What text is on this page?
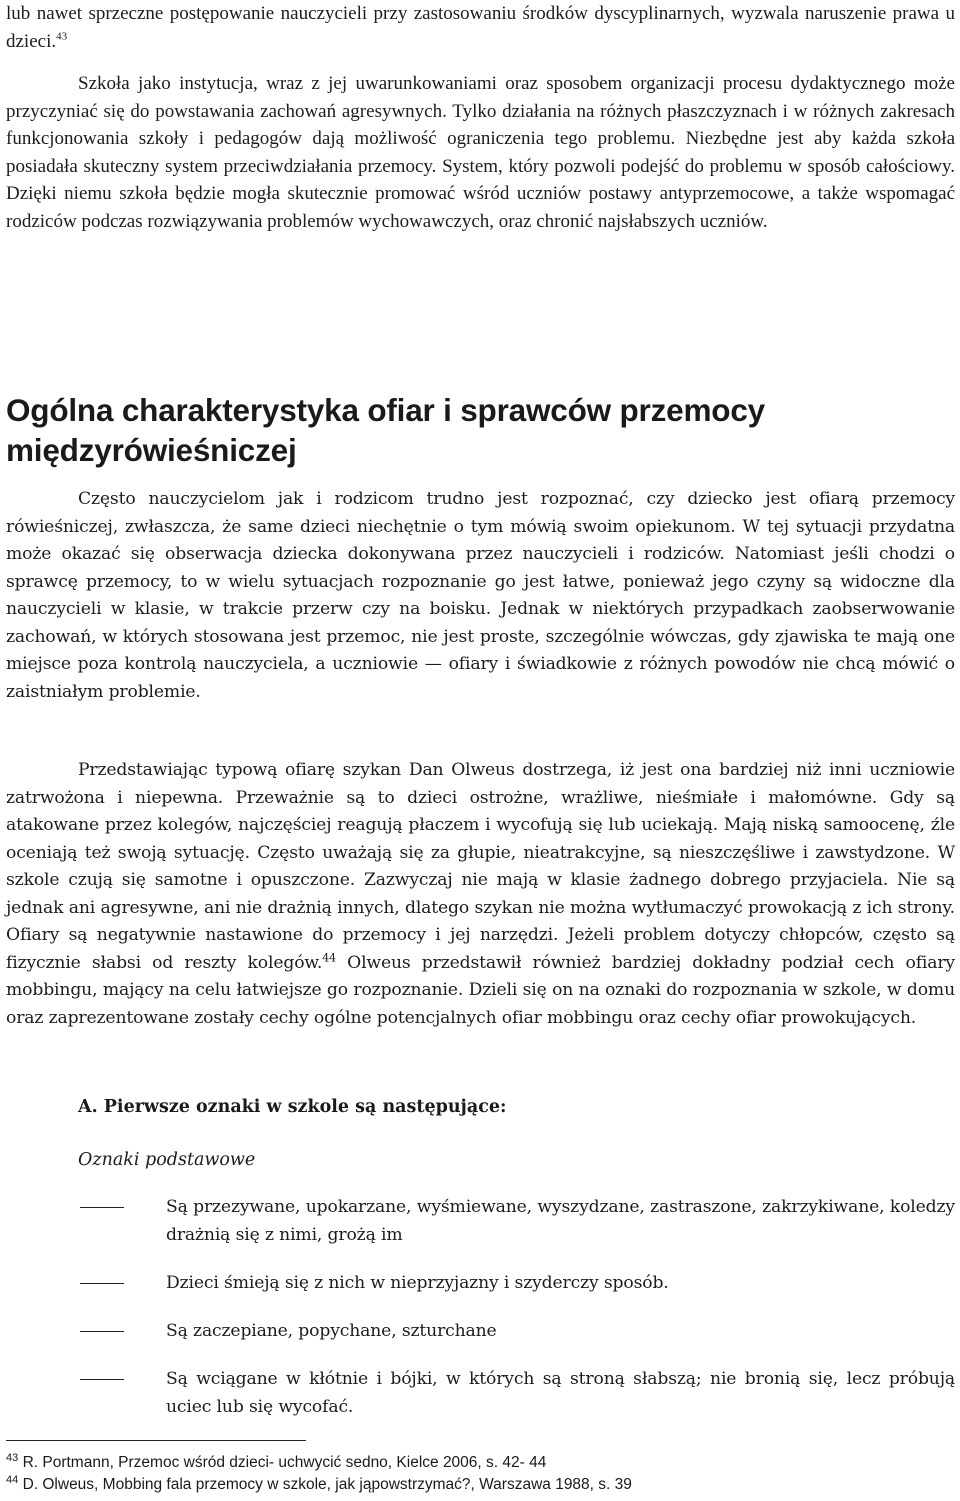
lub nawet sprzeczne postępowanie nauczycieli przy zastosowaniu środków dyscyplinarnych, wyzwala naruszenie prawa u dzieci.$^{43}$

Szkoła jako instytucja, wraz z jej uwarunkowaniami oraz sposobem organizacji procesu dydaktycznego może przyczyniać się do powstawania zachowań agresywnych. Tylko działania na różnych płaszczyznach i w różnych zakresach funkcjonowania szkoły i pedagogów dają możliwość ograniczenia tego problemu. Niezbędne jest aby każda szkoła posiadała skuteczny system przeciwdziałania przemocy. System, który pozwoli podejść do problemu w sposób całościowy. Dzięki niemu szkoła będzie mogła skutecznie promować wśród uczniów postawy antyprzemocowe, a także wspomagać rodziców podczas rozwiązywania problemów wychowawczych, oraz chronić najsłabszych uczniów.

Ogólna charakterystyka ofiar i sprawców przemocy międzyrówieśniczej

Często nauczycielom jak i rodzicom trudno jest rozpoznać, czy dziecko jest ofiarą przemocy rówieśniczej, zwłaszcza, że same dzieci niechętnie o tym mówią swoim opiekunom. W tej sytuacji przydatna może okazać się obserwacja dziecka dokonywana przez nauczycieli i rodziców. Natomiast jeśli chodzi o sprawcę przemocy, to w wielu sytuacjach rozpoznanie go jest łatwe, ponieważ jego czyny są widoczne dla nauczycieli w klasie, w trakcie przerw czy na boisku. Jednak w niektórych przypadkach zaobserwowanie zachowań, w których stosowana jest przemoc, nie jest proste, szczególnie wówczas, gdy zjawiska te mają one miejsce poza kontrolą nauczyciela, a uczniowie — ofiary i świadkowie z różnych powodów nie chcą mówić o zaistniałym problemie.

Przedstawiając typową ofiarę szykan Dan Olweus dostrzega, iż jest ona bardziej niż inni uczniowie zatrwożona i niepewna. Przeważnie są to dzieci ostrożne, wrażliwe, nieśmiałe i małomówne. Gdy są atakowane przez kolegów, najczęściej reagują płaczem i wycofują się lub uciekają. Mają niską samoocenę, źle oceniają też swoją sytuację. Często uważają się za głupie, nieatrakcyjne, są nieszczęśliwe i zawstydzone. W szkole czują się samotne i opuszczone. Zazwyczaj nie mają w klasie żadnego dobrego przyjaciela. Nie są jednak ani agresywne, ani nie drażnią innych, dlatego szykan nie można wytłumaczyć prowokacją z ich strony. Ofiary są negatywnie nastawione do przemocy i jej narzędzi. Jeżeli problem dotyczy chłopców, często są fizycznie słabsi od reszty kolegów.$^{44}$ Olweus przedstawił również bardziej dokładny podział cech ofiary mobbingu, mający na celu łatwiejsze go rozpoznanie. Dzieli się on na oznaki do rozpoznania w szkole, w domu oraz zaprezentowane zostały cechy ogólne potencjalnych ofiar mobbingu oraz cechy ofiar prowokujących.

A. Pierwsze oznaki w szkole są następujące:
Oznaki podstawowe
Są przezywane, upokarzane, wyśmiewane, wyszydzane, zastraszone, zakrzykiwane, koledzy drażnią się z nimi, grożą im
Dzieci śmieją się z nich w nieprzyjazny i szyderczy sposób.
Są zaczepiane, popychane, szturchane
Są wciągane w kłótnie i bójki, w których są stroną słabszą; nie bronią się, lecz próbują uciec lub się wycofać.
$^{43}$ R. Portmann, Przemoc wśród dzieci- uchwycić sedno, Kielce 2006, s. 42- 44
$^{44}$ D. Olweus, Mobbing fala przemocy w szkole, jak jąpowstrzymać?, Warszawa 1988, s. 39
